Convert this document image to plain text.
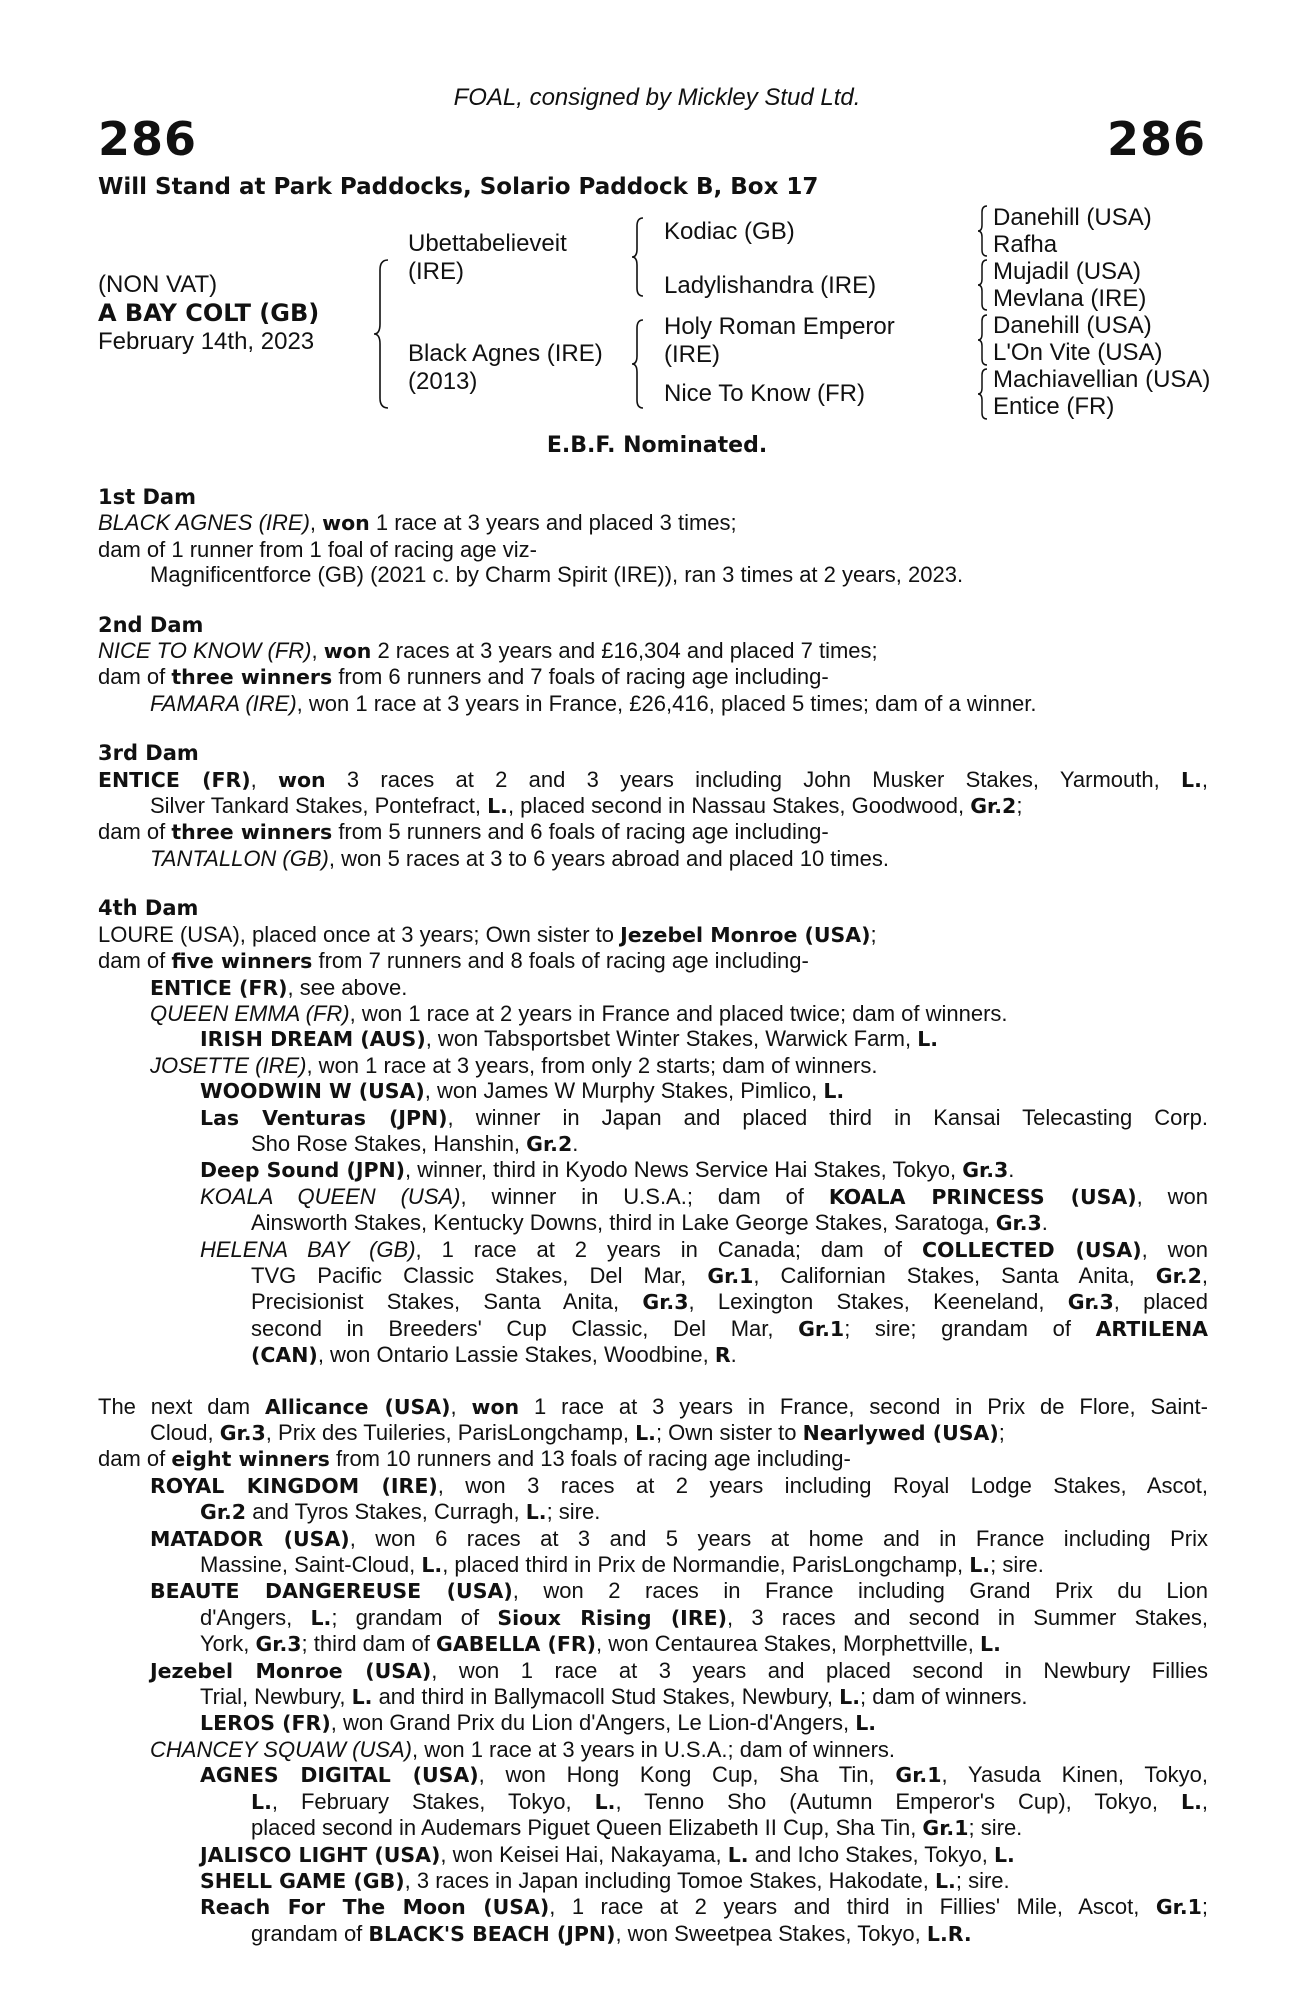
FOAL, consigned by Mickley Stud Ltd.
286	286
Will Stand at Park Paddocks, Solario Paddock B, Box 17
(NON VAT)
A BAY COLT (GB)
February 14th, 2023
Ubettabelieveit
(IRE)
Black Agnes (IRE)
(2013)
Kodiac (GB)
Ladylishandra (IRE)
Holy Roman Emperor
(IRE)
Nice To Know (FR)
Danehill (USA)
Rafha
Mujadil (USA)
Mevlana (IRE)
Danehill (USA)
L'On Vite (USA)
Machiavellian (USA)
Entice (FR)
E.B.F. Nominated.

1st Dam

BLACK AGNES (IRE), won 1 race at 3 years and placed 3 times;

dam of 1 runner from 1 foal of racing age viz-

Magnificentforce (GB) (2021 c. by Charm Spirit (IRE)), ran 3 times at 2 years, 2023.

2nd Dam

NICE TO KNOW (FR), won 2 races at 3 years and £16,304 and placed 7 times;

dam of three winners from 6 runners and 7 foals of racing age including-

FAMARA (IRE), won 1 race at 3 years in France, £26,416, placed 5 times; dam of a winner.

3rd Dam

ENTICE (FR), won 3 races at 2 and 3 years including John Musker Stakes, Yarmouth, L.,

Silver Tankard Stakes, Pontefract, L., placed second in Nassau Stakes, Goodwood, Gr.2;

dam of three winners from 5 runners and 6 foals of racing age including-

TANTALLON (GB), won 5 races at 3 to 6 years abroad and placed 10 times.

4th Dam

LOURE (USA), placed once at 3 years; Own sister to Jezebel Monroe (USA);

dam of five winners from 7 runners and 8 foals of racing age including-

ENTICE (FR), see above.

QUEEN EMMA (FR), won 1 race at 2 years in France and placed twice; dam of winners.

IRISH DREAM (AUS), won Tabsportsbet Winter Stakes, Warwick Farm, L.

JOSETTE (IRE), won 1 race at 3 years, from only 2 starts; dam of winners.

WOODWIN W (USA), won James W Murphy Stakes, Pimlico, L.

Las Venturas (JPN), winner in Japan and placed third in Kansai Telecasting Corp.

Sho Rose Stakes, Hanshin, Gr.2.

Deep Sound (JPN), winner, third in Kyodo News Service Hai Stakes, Tokyo, Gr.3.

KOALA QUEEN (USA), winner in U.S.A.; dam of KOALA PRINCESS (USA), won

Ainsworth Stakes, Kentucky Downs, third in Lake George Stakes, Saratoga, Gr.3.

HELENA BAY (GB), 1 race at 2 years in Canada; dam of COLLECTED (USA), won

TVG Pacific Classic Stakes, Del Mar, Gr.1, Californian Stakes, Santa Anita, Gr.2,

Precisionist Stakes, Santa Anita, Gr.3, Lexington Stakes, Keeneland, Gr.3, placed

second in Breeders' Cup Classic, Del Mar, Gr.1; sire; grandam of ARTILENA

(CAN), won Ontario Lassie Stakes, Woodbine, R.

The next dam Allicance (USA), won 1 race at 3 years in France, second in Prix de Flore, Saint-

Cloud, Gr.3, Prix des Tuileries, ParisLongchamp, L.; Own sister to Nearlywed (USA);

dam of eight winners from 10 runners and 13 foals of racing age including-

ROYAL KINGDOM (IRE), won 3 races at 2 years including Royal Lodge Stakes, Ascot,

Gr.2 and Tyros Stakes, Curragh, L.; sire.

MATADOR (USA), won 6 races at 3 and 5 years at home and in France including Prix

Massine, Saint-Cloud, L., placed third in Prix de Normandie, ParisLongchamp, L.; sire.

BEAUTE DANGEREUSE (USA), won 2 races in France including Grand Prix du Lion

d'Angers, L.; grandam of Sioux Rising (IRE), 3 races and second in Summer Stakes,

York, Gr.3; third dam of GABELLA (FR), won Centaurea Stakes, Morphettville, L.

Jezebel Monroe (USA), won 1 race at 3 years and placed second in Newbury Fillies

Trial, Newbury, L. and third in Ballymacoll Stud Stakes, Newbury, L.; dam of winners.

LEROS (FR), won Grand Prix du Lion d'Angers, Le Lion-d'Angers, L.

CHANCEY SQUAW (USA), won 1 race at 3 years in U.S.A.; dam of winners.

AGNES DIGITAL (USA), won Hong Kong Cup, Sha Tin, Gr.1, Yasuda Kinen, Tokyo,

L., February Stakes, Tokyo, L., Tenno Sho (Autumn Emperor's Cup), Tokyo, L.,

placed second in Audemars Piguet Queen Elizabeth II Cup, Sha Tin, Gr.1; sire.

JALISCO LIGHT (USA), won Keisei Hai, Nakayama, L. and Icho Stakes, Tokyo, L.

SHELL GAME (GB), 3 races in Japan including Tomoe Stakes, Hakodate, L.; sire.

Reach For The Moon (USA), 1 race at 2 years and third in Fillies' Mile, Ascot, Gr.1;

grandam of BLACK'S BEACH (JPN), won Sweetpea Stakes, Tokyo, L.R.
